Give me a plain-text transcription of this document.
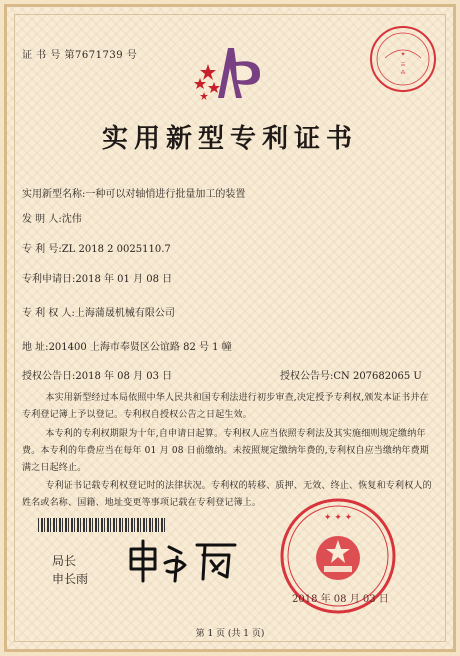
✦
☷
⁂
证 书 号 第7671739 号
实用新型专利证书
实用新型名称:一种可以对轴悄进行批量加工的装置
发 明 人:沈伟
专 利 号:ZL 2018 2 0025110.7
专利申请日:2018 年 01 月 08 日
专 利 权 人:上海蒲晟机械有限公司
地 址:201400 上海市奉贤区公谊路 82 号 1 幢
授权公告日:2018 年 08 月 03 日	授权公告号:CN 207682065 U
本实用新型经过本局依照中华人民共和国专利法进行初步审查,决定授予专利权,颁发本证书并在专利登记簿上予以登记。专利权自授权公告之日起生效。
本专利的专利权期限为十年,自申请日起算。专利权人应当依照专利法及其实施细则规定缴纳年费。本专利的年费应当在每年 01 月 08 日前缴纳。未按照规定缴纳年费的,专利权自应当缴纳年费期满之日起终止。
专利证书记载专利权登记时的法律状况。专利权的转移、质押、无效、终止、恢复和专利权人的姓名或名称、国籍、地址变更等事项记载在专利登记簿上。
局长
申长雨
✦ ✦ ✦
2018 年 08 月 03 日
第 1 页 (共 1 页)
